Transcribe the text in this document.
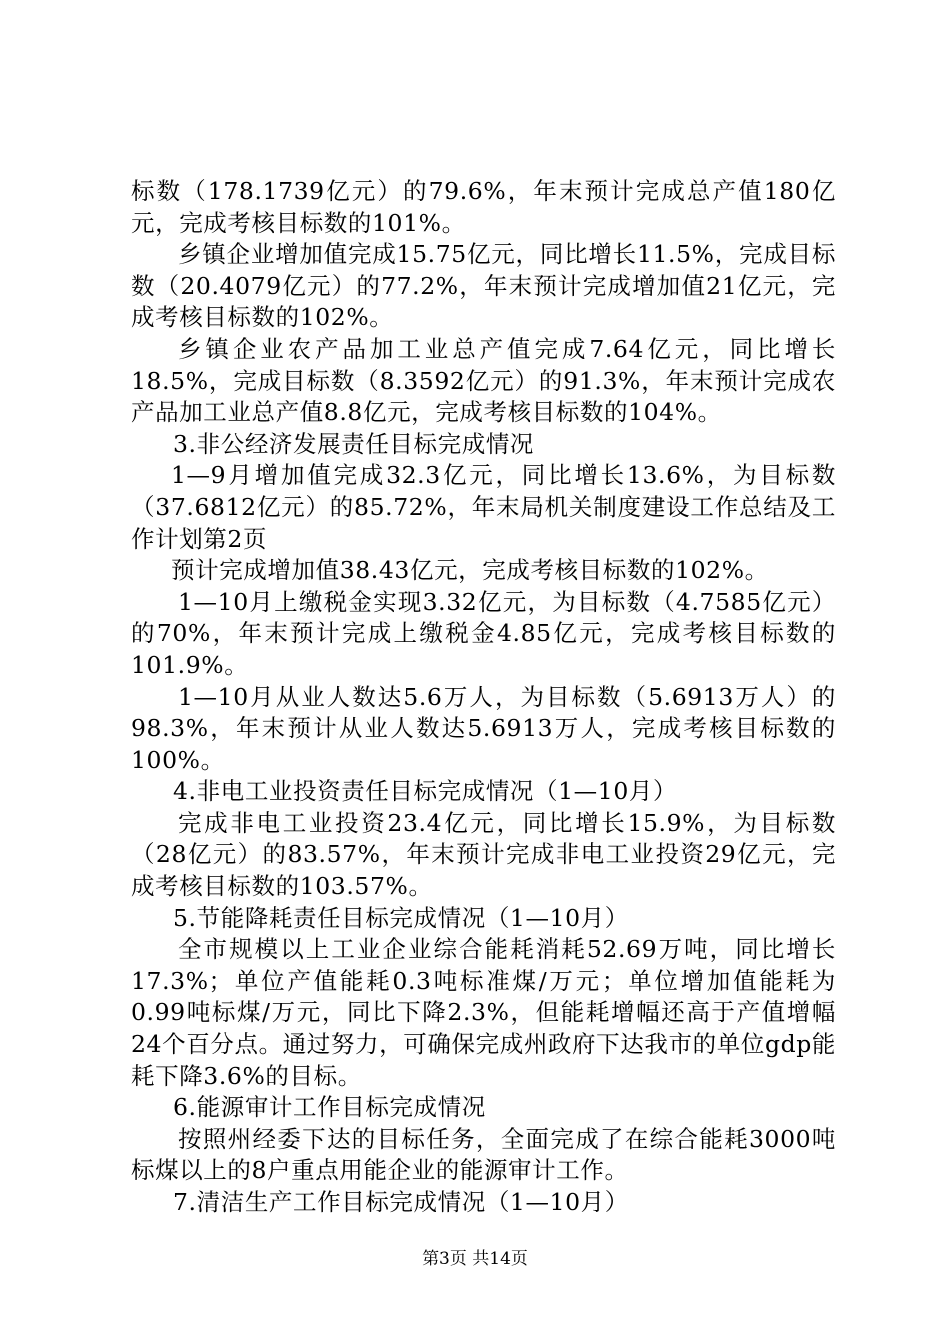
标数（178.1739亿元）的79.6%，年末预计完成总产值180亿元，完成考核目标数的101%。

乡镇企业增加值完成15.75亿元，同比增长11.5%，完成目标数（20.4079亿元）的77.2%，年末预计完成增加值21亿元，完成考核目标数的102%。

乡镇企业农产品加工业总产值完成7.64亿元，同比增长18.5%，完成目标数（8.3592亿元）的91.3%，年末预计完成农产品加工业总产值8.8亿元，完成考核目标数的104%。

3.非公经济发展责任目标完成情况

1—9月增加值完成32.3亿元，同比增长13.6%，为目标数（37.6812亿元）的85.72%，年末局机关制度建设工作总结及工作计划第2页

预计完成增加值38.43亿元，完成考核目标数的102%。

1—10月上缴税金实现3.32亿元，为目标数（4.7585亿元）的70%，年末预计完成上缴税金4.85亿元，完成考核目标数的101.9%。

1—10月从业人数达5.6万人，为目标数（5.6913万人）的98.3%，年末预计从业人数达5.6913万人，完成考核目标数的100%。

4.非电工业投资责任目标完成情况（1—10月）

完成非电工业投资23.4亿元，同比增长15.9%，为目标数（28亿元）的83.57%，年末预计完成非电工业投资29亿元，完成考核目标数的103.57%。

5.节能降耗责任目标完成情况（1—10月）

全市规模以上工业企业综合能耗消耗52.69万吨，同比增长17.3%；单位产值能耗0.3吨标准煤/万元；单位增加值能耗为0.99吨标煤/万元，同比下降2.3%，但能耗增幅还高于产值增幅24个百分点。通过努力，可确保完成州政府下达我市的单位gdp能耗下降3.6%的目标。

6.能源审计工作目标完成情况

按照州经委下达的目标任务，全面完成了在综合能耗3000吨标煤以上的8户重点用能企业的能源审计工作。

7.清洁生产工作目标完成情况（1—10月）

第3页 共14页
